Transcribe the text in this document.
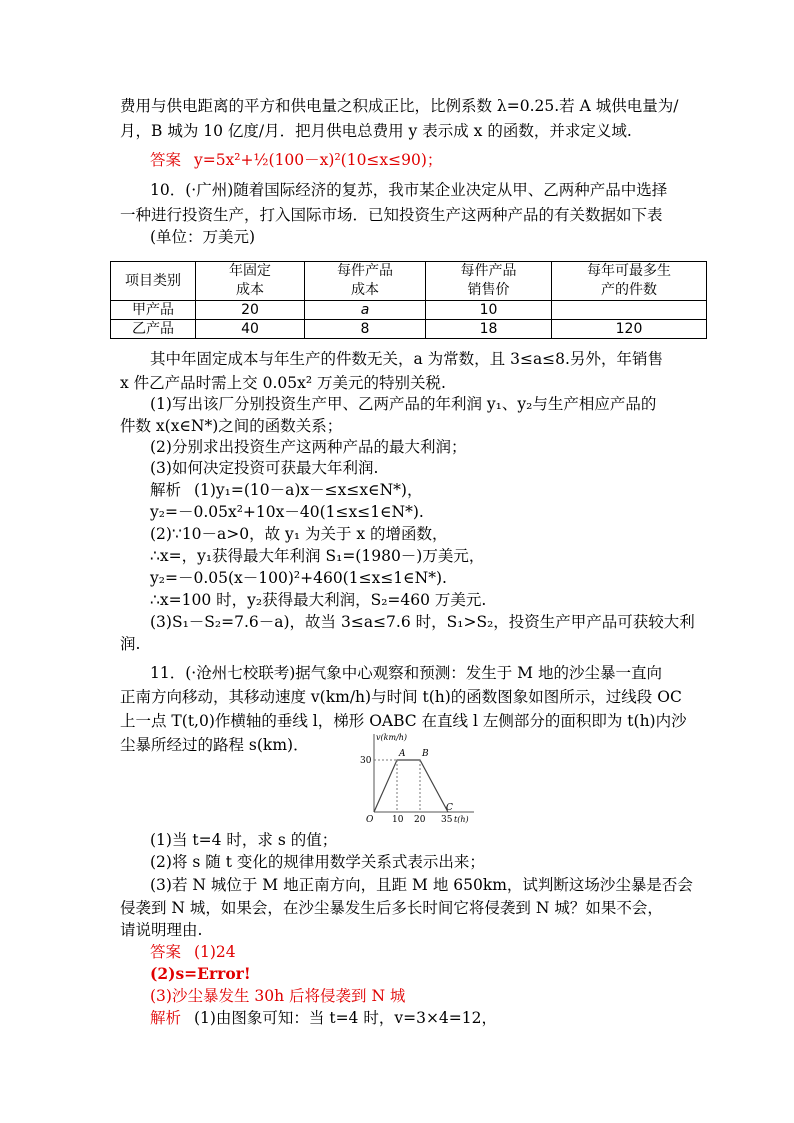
费用与供电距离的平方和供电量之积成正比，比例系数 λ=0.25.若 A 城供电量为/
月，B 城为 10 亿度/月．把月供电总费用 y 表示成 x 的函数，并求定义域.
答案 y=5x²+½(100－x)²(10≤x≤90)；
10．(·广州)随着国际经济的复苏，我市某企业决定从甲、乙两种产品中选择
一种进行投资生产，打入国际市场．已知投资生产这两种产品的有关数据如下表
(单位：万美元)
项目类别	年固定成本	每件产品成本	每件产品销售价	每年可最多生产的件数

甲产品	20	a	10	
乙产品	40	8	18	120
其中年固定成本与年生产的件数无关，a 为常数，且 3≤a≤8.另外，年销售
x 件乙产品时需上交 0.05x² 万美元的特别关税.
(1)写出该厂分别投资生产甲、乙两产品的年利润 y₁、y₂与生产相应产品的
件数 x(x∈N*)之间的函数关系；
(2)分别求出投资生产这两种产品的最大利润；
(3)如何决定投资可获最大年利润.
解析 (1)y₁=(10－a)x－≤x≤x∈N*)，
y₂=－0.05x²+10x－40(1≤x≤1∈N*).
(2)∵10－a>0，故 y₁ 为关于 x 的增函数，
∴x=，y₁获得最大年利润 S₁=(1980－)万美元，
y₂=－0.05(x－100)²+460(1≤x≤1∈N*).
∴x=100 时，y₂获得最大利润，S₂=460 万美元.
(3)S₁－S₂=7.6－a)，故当 3≤a≤7.6 时，S₁>S₂，投资生产甲产品可获较大利
润.
11．(·沧州七校联考)据气象中心观察和预测：发生于 M 地的沙尘暴一直向
正南方向移动，其移动速度 v(km/h)与时间 t(h)的函数图象如图所示，过线段 OC
上一点 T(t,0)作横轴的垂线 l，梯形 OABC 在直线 l 左侧部分的面积即为 t(h)内沙
尘暴所经过的路程 s(km)．	v(km/h)
30
O 10 20 35 t(h)
A B
C
(1)当 t=4 时，求 s 的值；
(2)将 s 随 t 变化的规律用数学关系式表示出来；
(3)若 N 城位于 M 地正南方向，且距 M 地 650km，试判断这场沙尘暴是否会
侵袭到 N 城，如果会，在沙尘暴发生后多长时间它将侵袭到 N 城？如果不会，
请说明理由.
答案 (1)24
(2)s=Error!
(3)沙尘暴发生 30h 后将侵袭到 N 城
解析 (1)由图象可知：当 t=4 时，v=3×4=12，
